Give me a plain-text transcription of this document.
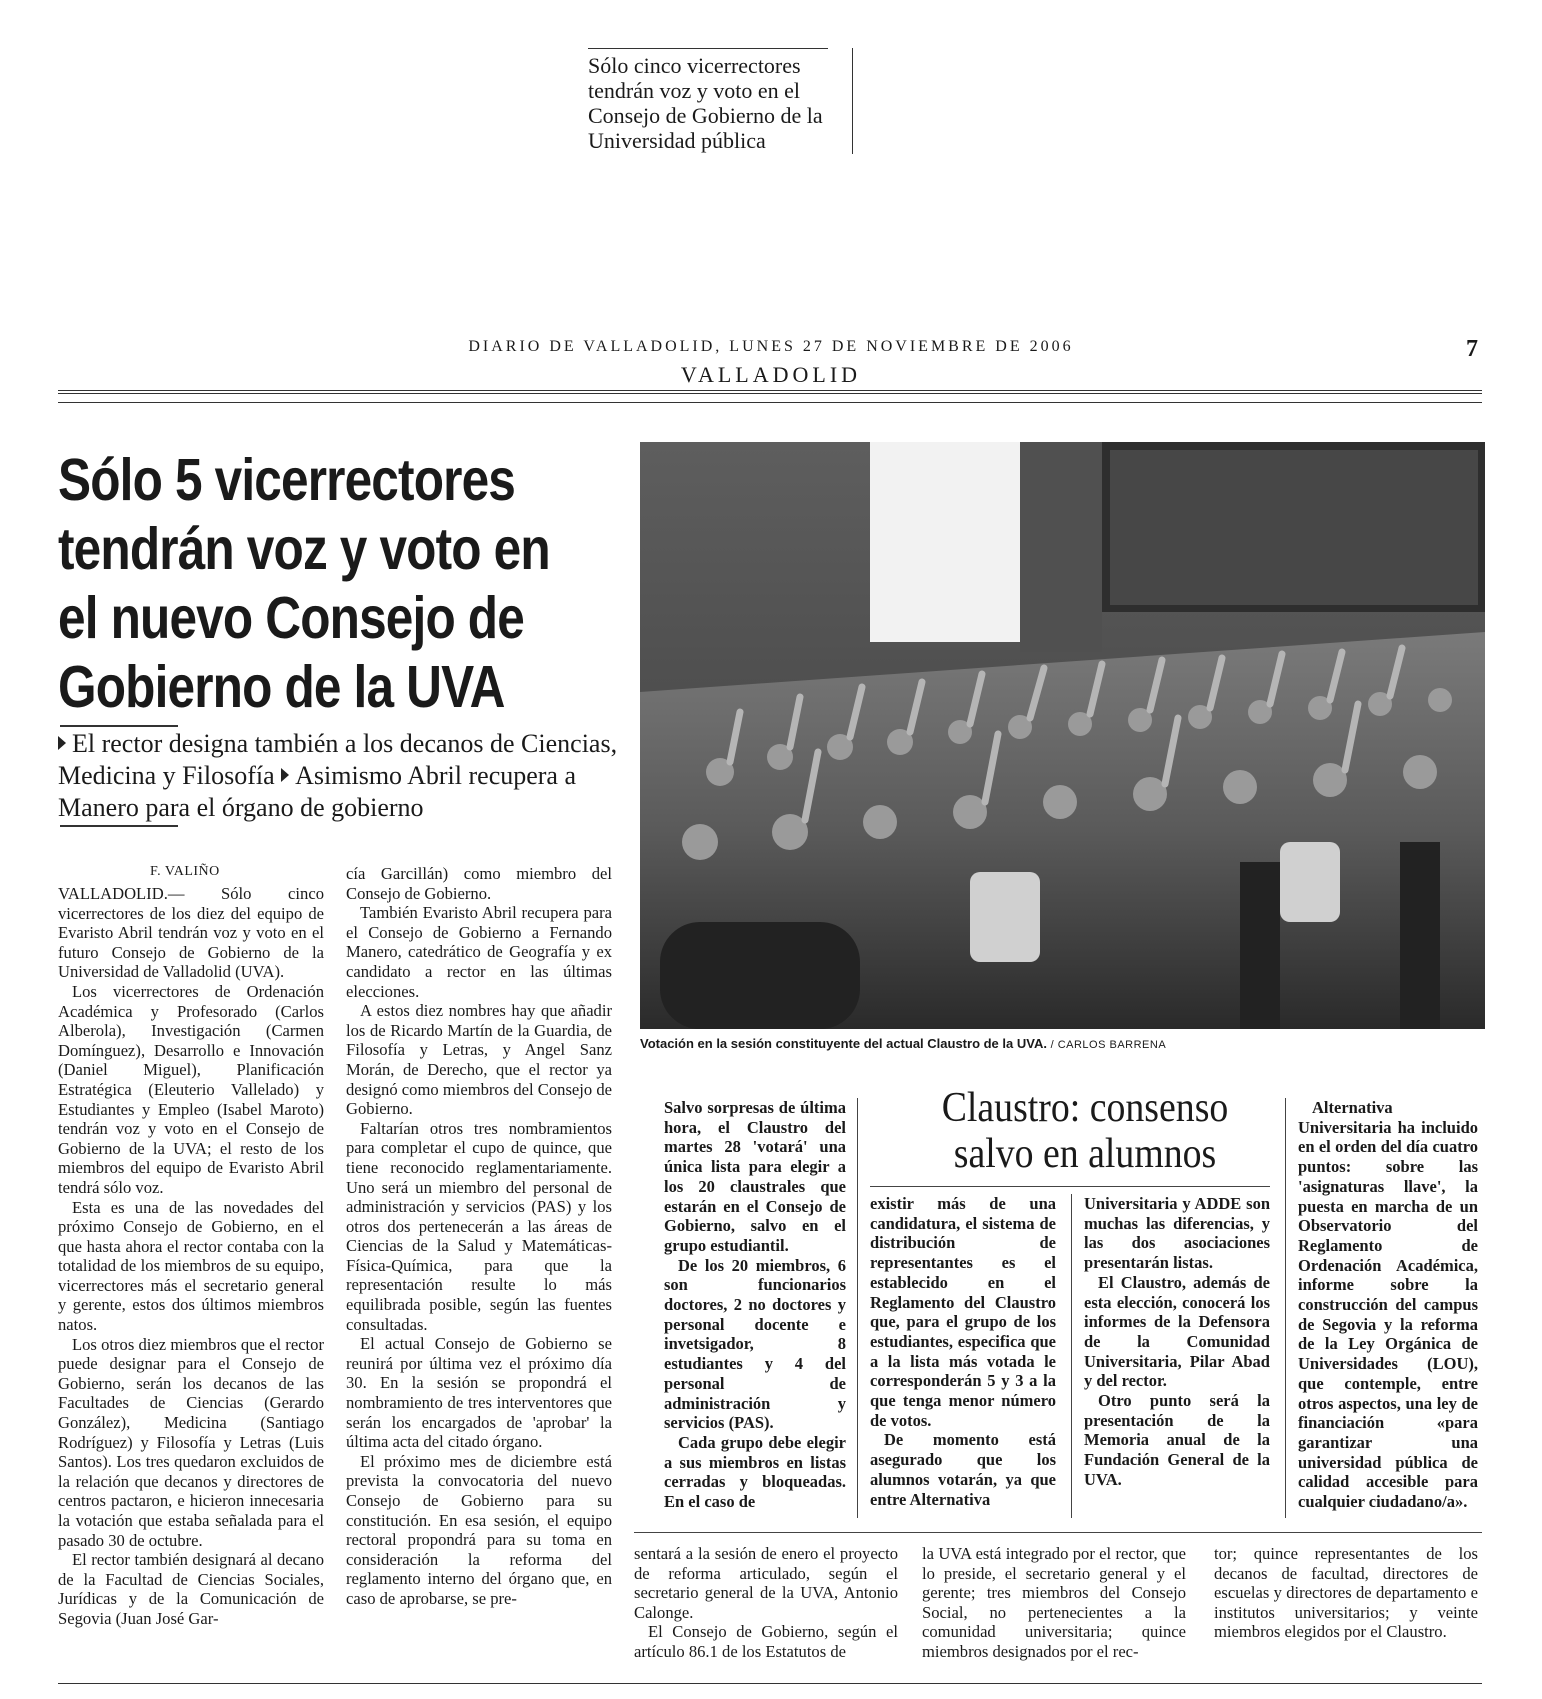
Sólo cinco vicerrectores tendrán voz y voto en el Consejo de Gobierno de la Universidad pública
DIARIO DE VALLADOLID, LUNES 27 DE NOVIEMBRE DE 2006	7
VALLADOLID
Sólo 5 vicerrectores
tendrán voz y voto en
el nuevo Consejo de
Gobierno de la UVA
El rector designa también a los decanos de Ciencias, Medicina y Filosofía Asimismo Abril recupera a Manero para el órgano de gobierno
Votación en la sesión constituyente del actual Claustro de la UVA. / CARLOS BARRENA
F. VALIÑO

VALLADOLID.— Sólo cinco vicerrectores de los diez del equipo de Evaristo Abril tendrán voz y voto en el futuro Consejo de Gobierno de la Universidad de Valladolid (UVA).

Los vicerrectores de Ordenación Académica y Profesorado (Carlos Alberola), Investigación (Carmen Domínguez), Desarrollo e Innovación (Daniel Miguel), Planificación Estratégica (Eleuterio Vallelado) y Estudiantes y Empleo (Isabel Maroto) tendrán voz y voto en el Consejo de Gobierno de la UVA; el resto de los miembros del equipo de Evaristo Abril tendrá sólo voz.

Esta es una de las novedades del próximo Consejo de Gobierno, en el que hasta ahora el rector contaba con la totalidad de los miembros de su equipo, vicerrectores más el secretario general y gerente, estos dos últimos miembros natos.

Los otros diez miembros que el rector puede designar para el Consejo de Gobierno, serán los decanos de las Facultades de Ciencias (Gerardo González), Medicina (Santiago Rodríguez) y Filosofía y Letras (Luis Santos). Los tres quedaron excluidos de la relación que decanos y directores de centros pactaron, e hicieron innecesaria la votación que estaba señalada para el pasado 30 de octubre.

El rector también designará al decano de la Facultad de Ciencias Sociales, Jurídicas y de la Comunicación de Segovia (Juan José Gar-

cía Garcillán) como miembro del Consejo de Gobierno.

También Evaristo Abril recupera para el Consejo de Gobierno a Fernando Manero, catedrático de Geografía y ex candidato a rector en las últimas elecciones.

A estos diez nombres hay que añadir los de Ricardo Martín de la Guardia, de Filosofía y Letras, y Angel Sanz Morán, de Derecho, que el rector ya designó como miembros del Consejo de Gobierno.

Faltarían otros tres nombramientos para completar el cupo de quince, que tiene reconocido reglamentariamente. Uno será un miembro del personal de administración y servicios (PAS) y los otros dos pertenecerán a las áreas de Ciencias de la Salud y Matemáticas-Física-Química, para que la representación resulte lo más equilibrada posible, según las fuentes consultadas.

El actual Consejo de Gobierno se reunirá por última vez el próximo día 30. En la sesión se propondrá el nombramiento de tres interventores que serán los encargados de 'aprobar' la última acta del citado órgano.

El próximo mes de diciembre está prevista la convocatoria del nuevo Consejo de Gobierno para su constitución. En esa sesión, el equipo rectoral propondrá para su toma en consideración la reforma del reglamento interno del órgano que, en caso de aprobarse, se pre-

Claustro: consenso
salvo en alumnos

Salvo sorpresas de última hora, el Claustro del martes 28 'votará' una única lista para elegir a los 20 claustrales que estarán en el Consejo de Gobierno, salvo en el grupo estudiantil.

De los 20 miembros, 6 son funcionarios doctores, 2 no doctores y personal docente e invetsigador, 8 estudiantes y 4 del personal de administración y servicios (PAS).

Cada grupo debe elegir a sus miembros en listas cerradas y bloqueadas. En el caso de

existir más de una candidatura, el sistema de distribución de representantes es el establecido en el Reglamento del Claustro que, para el grupo de los estudiantes, especifica que a la lista más votada le corresponderán 5 y 3 a la que tenga menor número de votos.

De momento está asegurado que los alumnos votarán, ya que entre Alternativa

Universitaria y ADDE son muchas las diferencias, y las dos asociaciones presentarán listas.

El Claustro, además de esta elección, conocerá los informes de la Defensora de la Comunidad Universitaria, Pilar Abad y del rector.

Otro punto será la presentación de la Memoria anual de la Fundación General de la UVA.

Alternativa Universitaria ha incluido en el orden del día cuatro puntos: sobre las 'asignaturas llave', la puesta en marcha de un Observatorio del Reglamento de Ordenación Académica, informe sobre la construcción del campus de Segovia y la reforma de la Ley Orgánica de Universidades (LOU), que contemple, entre otros aspectos, una ley de financiación «para garantizar una universidad pública de calidad accesible para cualquier ciudadano/a».

sentará a la sesión de enero el proyecto de reforma articulado, según el secretario general de la UVA, Antonio Calonge.

El Consejo de Gobierno, según el artículo 86.1 de los Estatutos de

la UVA está integrado por el rector, que lo preside, el secretario general y el gerente; tres miembros del Consejo Social, no pertenecientes a la comunidad universitaria; quince miembros designados por el rec-

tor; quince representantes de los decanos de facultad, directores de escuelas y directores de departamento e institutos universitarios; y veinte miembros elegidos por el Claustro.
